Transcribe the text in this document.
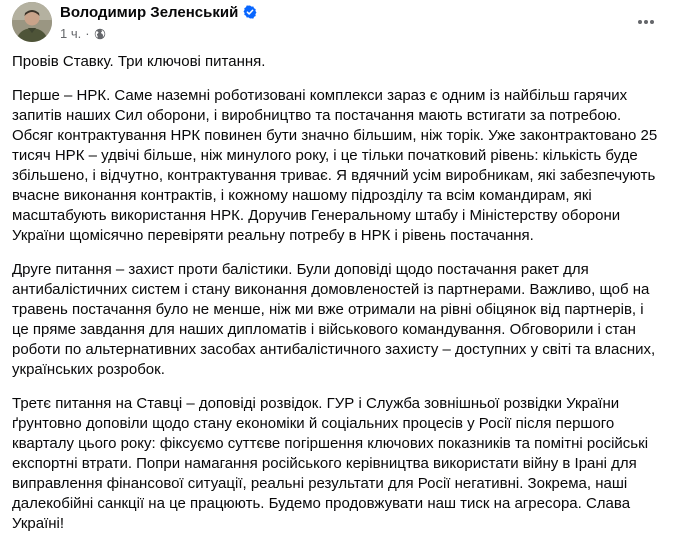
Володимир Зеленський
1 ч. ·

Провів Ставку. Три ключові питання.

Перше – НРК. Саме наземні роботизовані комплекси зараз є одним із найбільш гарячих запитів наших Сил оборони, і виробництво та постачання мають встигати за потребою. Обсяг контрактування НРК повинен бути значно більшим, ніж торік. Уже законтрактовано 25 тисяч НРК – удвічі більше, ніж минулого року, і це тільки початковий рівень: кількість буде збільшено, і відчутно, контрактування триває. Я вдячний усім виробникам, які забезпечують вчасне виконання контрактів, і кожному нашому підрозділу та всім командирам, які масштабують використання НРК. Доручив Генеральному штабу і Міністерству оборони України щомісячно перевіряти реальну потребу в НРК і рівень постачання.

Друге питання – захист проти балістики. Були доповіді щодо постачання ракет для антибалістичних систем і стану виконання домовленостей із партнерами. Важливо, щоб на травень постачання було не менше, ніж ми вже отримали на рівні обіцянок від партнерів, і це пряме завдання для наших дипломатів і військового командування. Обговорили і стан роботи по альтернативних засобах антибалістичного захисту – доступних у світі та власних, українських розробок.

Третє питання на Ставці – доповіді розвідок. ГУР і Служба зовнішньої розвідки України ґрунтовно доповіли щодо стану економіки й соціальних процесів у Росії після першого кварталу цього року: фіксуємо суттєве погіршення ключових показників та помітні російські експортні втрати. Попри намагання російського керівництва використати війну в Ірані для виправлення фінансової ситуації, реальні результати для Росії негативні. Зокрема, наші далекобійні санкції на це працюють. Будемо продовжувати наш тиск на агресора. Слава Україні!
